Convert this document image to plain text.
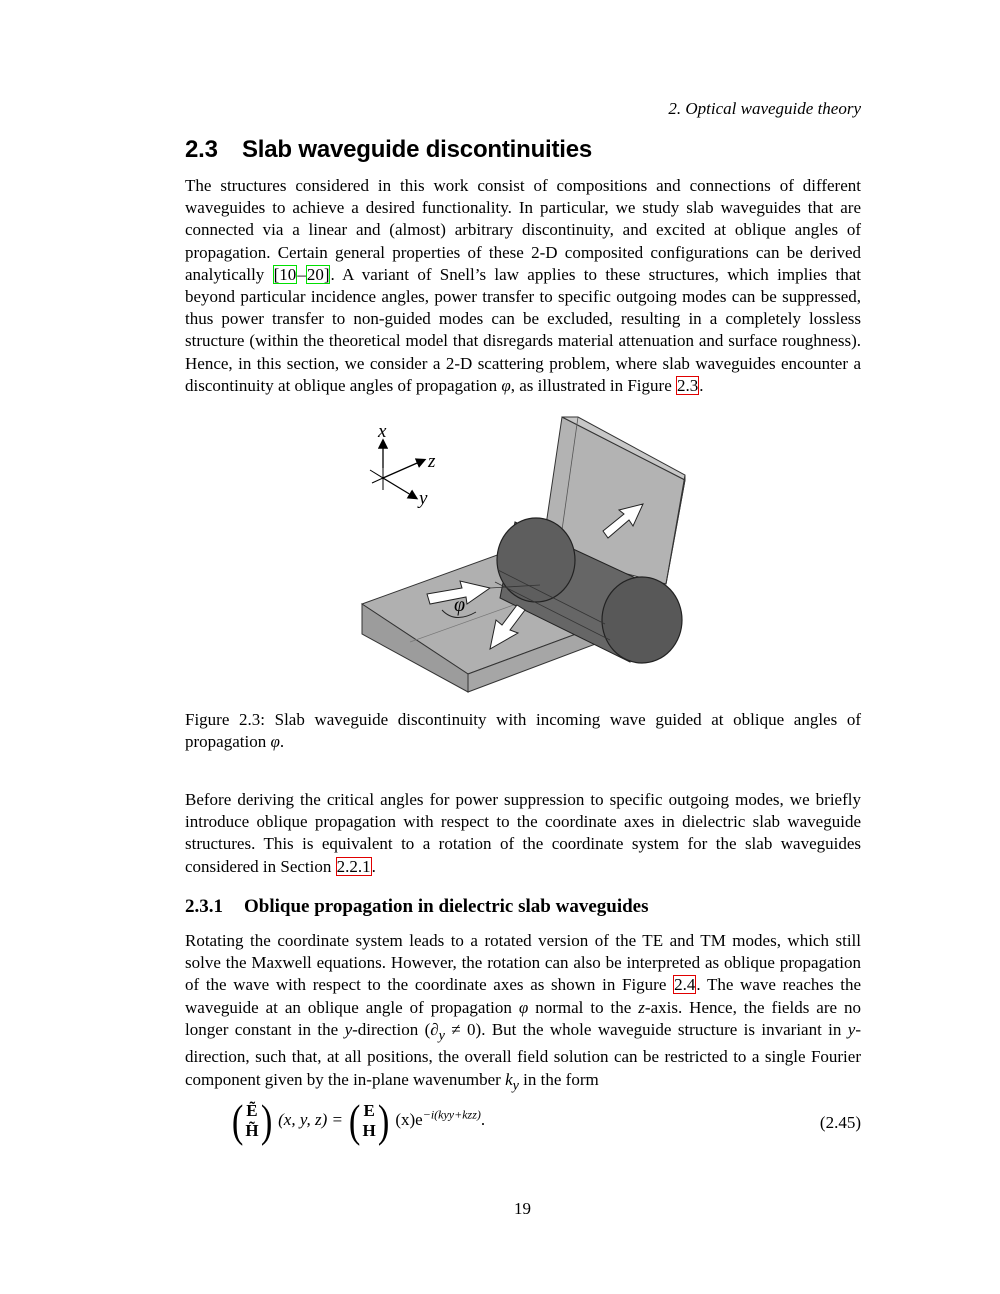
2. Optical waveguide theory
2.3 Slab waveguide discontinuities

The structures considered in this work consist of compositions and connections of different waveguides to achieve a desired functionality. In particular, we study slab waveguides that are connected via a linear and (almost) arbitrary discontinuity, and excited at oblique angles of propagation. Certain general properties of these 2-D composited configurations can be derived analytically [10–20]. A variant of Snell’s law applies to these structures, which implies that beyond particular incidence angles, power transfer to specific outgoing modes can be suppressed, thus power transfer to non-guided modes can be excluded, resulting in a completely lossless structure (within the theoretical model that disregards material attenuation and surface roughness). Hence, in this section, we consider a 2-D scattering problem, where slab waveguides encounter a discontinuity at oblique angles of propagation φ, as illustrated in Figure 2.3.

x
z
y
φ

Figure 2.3: Slab waveguide discontinuity with incoming wave guided at oblique angles of propagation φ.

Before deriving the critical angles for power suppression to specific outgoing modes, we briefly introduce oblique propagation with respect to the coordinate axes in dielectric slab waveguide structures. This is equivalent to a rotation of the coordinate system for the slab waveguides considered in Section 2.2.1.

2.3.1 Oblique propagation in dielectric slab waveguides

Rotating the coordinate system leads to a rotated version of the TE and TM modes, which still solve the Maxwell equations. However, the rotation can also be interpreted as oblique propagation of the wave with respect to the coordinate axes as shown in Figure 2.4. The wave reaches the waveguide at an oblique angle of propagation φ normal to the z-axis. Hence, the fields are no longer constant in the y-direction $(\partial_y \ne 0)$. But the whole waveguide structure is invariant in y-direction, such that, at all positions, the overall field solution can be restricted to a single Fourier component given by the in-plane wavenumber $k_y$ in the form

( Ẽ
H̃ ) (x, y, z) = ( E
H ) $(x)e^{-i(kyy+kzz)}$.	(2.45)
19
